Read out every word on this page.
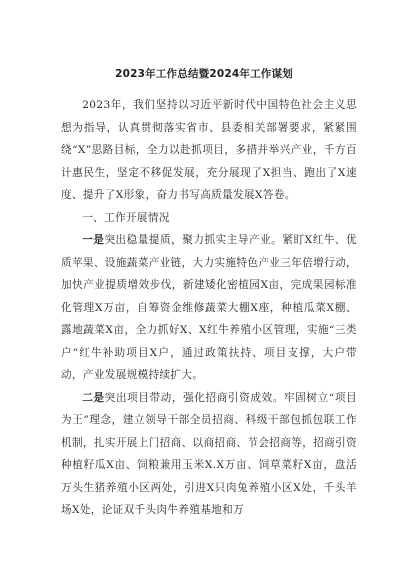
2023年工作总结暨2024年工作谋划

2023年，我们坚持以习近平新时代中国特色社会主义思想为指导，认真贯彻落实省市、县委相关部署要求，紧紧围绕“X”思路目标，全力以赴抓项目，多措并举兴产业，千方百计惠民生，坚定不移促发展，充分展现了X担当、跑出了X速度、提升了X形象，奋力书写高质量发展X答卷。

一、工作开展情况

一是突出稳量提质，聚力抓实主导产业。紧盯X红牛、优质苹果、设施蔬菜产业链，大力实施特色产业三年倍增行动，加快产业提质增效步伐，新建矮化密植园X亩，完成果园标准化管理X万亩，自筹资金维修蔬菜大棚X座，种植瓜菜X棚、露地蔬菜X亩，全力抓好X、X红牛养殖小区管理，实施“三类户”红牛补助项目X户，通过政策扶持、项目支撑，大户带动，产业发展规模持续扩大。

二是突出项目带动，强化招商引资成效。牢固树立“项目为王”理念，建立领导干部全员招商、科级干部包抓包联工作机制，扎实开展上门招商、以商招商、节会招商等，招商引资种植籽瓜X亩、饲粮兼用玉米X.X万亩、饲草菜籽X亩，盘活万头生猪养殖小区两处，引进X只肉兔养殖小区X处，千头羊场X处，论证双千头肉牛养殖基地和万
